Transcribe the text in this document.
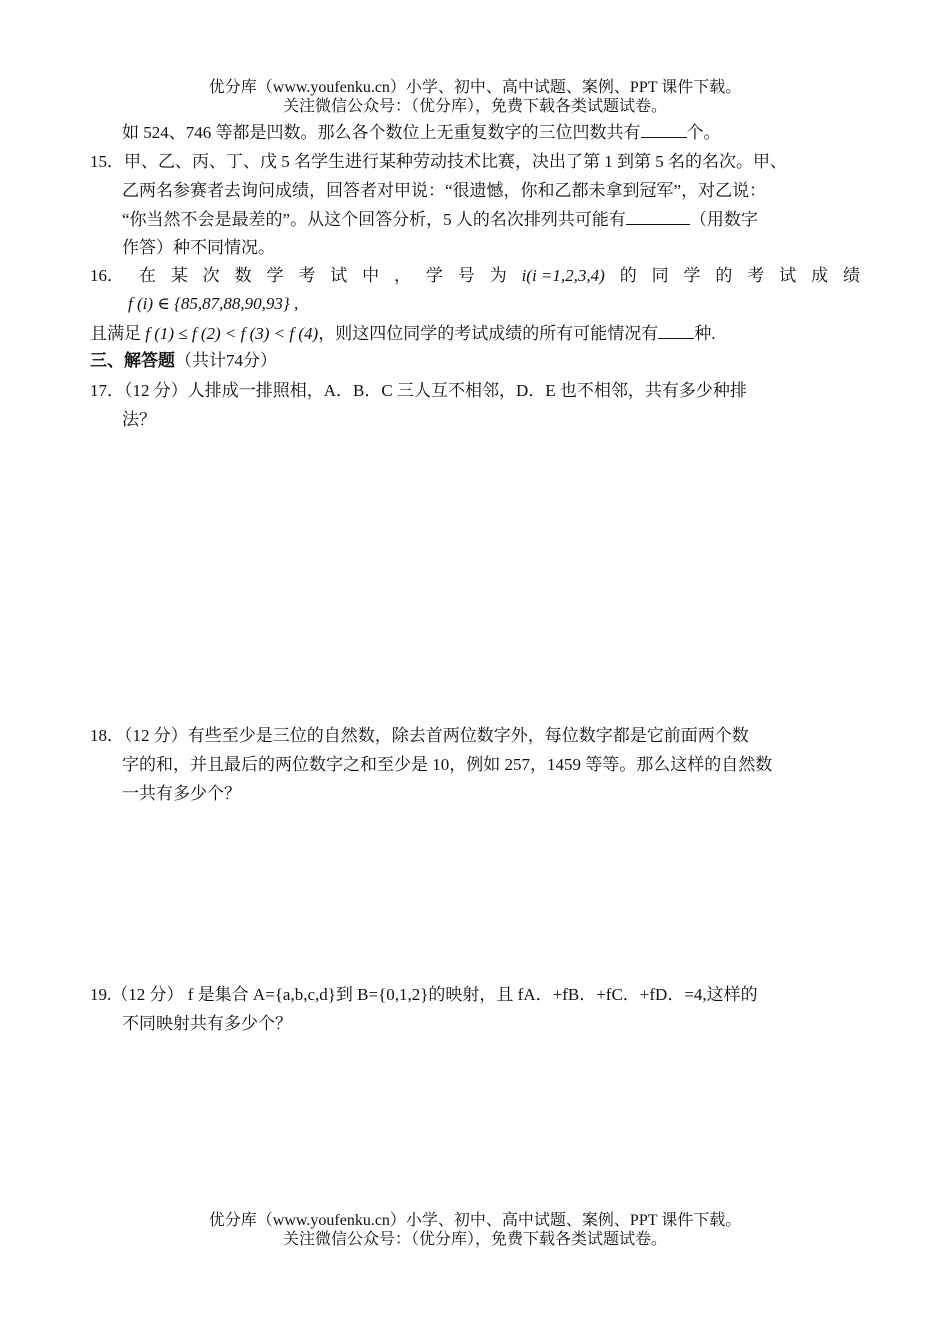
优分库（www.youfenku.cn）小学、初中、高中试题、案例、PPT 课件下载。
关注微信公众号：（优分库），免费下载各类试题试卷。
如 524、746 等都是凹数。那么各个数位上无重复数字的三位凹数共有	个。
15．甲、乙、丙、丁、戊 5 名学生进行某种劳动技术比赛，决出了第 1 到第 5 名的名次。甲、
乙两名参赛者去询问成绩，回答者对甲说：“很遗憾，你和乙都未拿到冠军”，对乙说：
“你当然不会是最差的”。从这个回答分析，5 人的名次排列共可能有	（用数字
作答）种不同情况。
16． 在 某 次 数 学 考 试 中 ， 学 号 为 i(i =1,2,3,4) 的 同 学 的 考 试 成 绩
f (i) ∈ {85,87,88,90,93} ,
且满足 f (1) ≤ f (2) < f (3) < f (4)，则这四位同学的考试成绩的所有可能情况有 种.
三、解答题（共计74分）
17．（12 分）人排成一排照相，A．B．C 三人互不相邻，D．E 也不相邻，共有多少种排
法？
18．（12 分）有些至少是三位的自然数，除去首两位数字外，每位数字都是它前面两个数
字的和，并且最后的两位数字之和至少是 10，例如 257，1459 等等。那么这样的自然数
一共有多少个？
19.（12 分） f 是集合 A={a,b,c,d}到 B={0,1,2}的映射，且 fA．+fB．+fC．+fD．=4,这样的
不同映射共有多少个？
优分库（www.youfenku.cn）小学、初中、高中试题、案例、PPT 课件下载。
关注微信公众号：（优分库），免费下载各类试题试卷。
